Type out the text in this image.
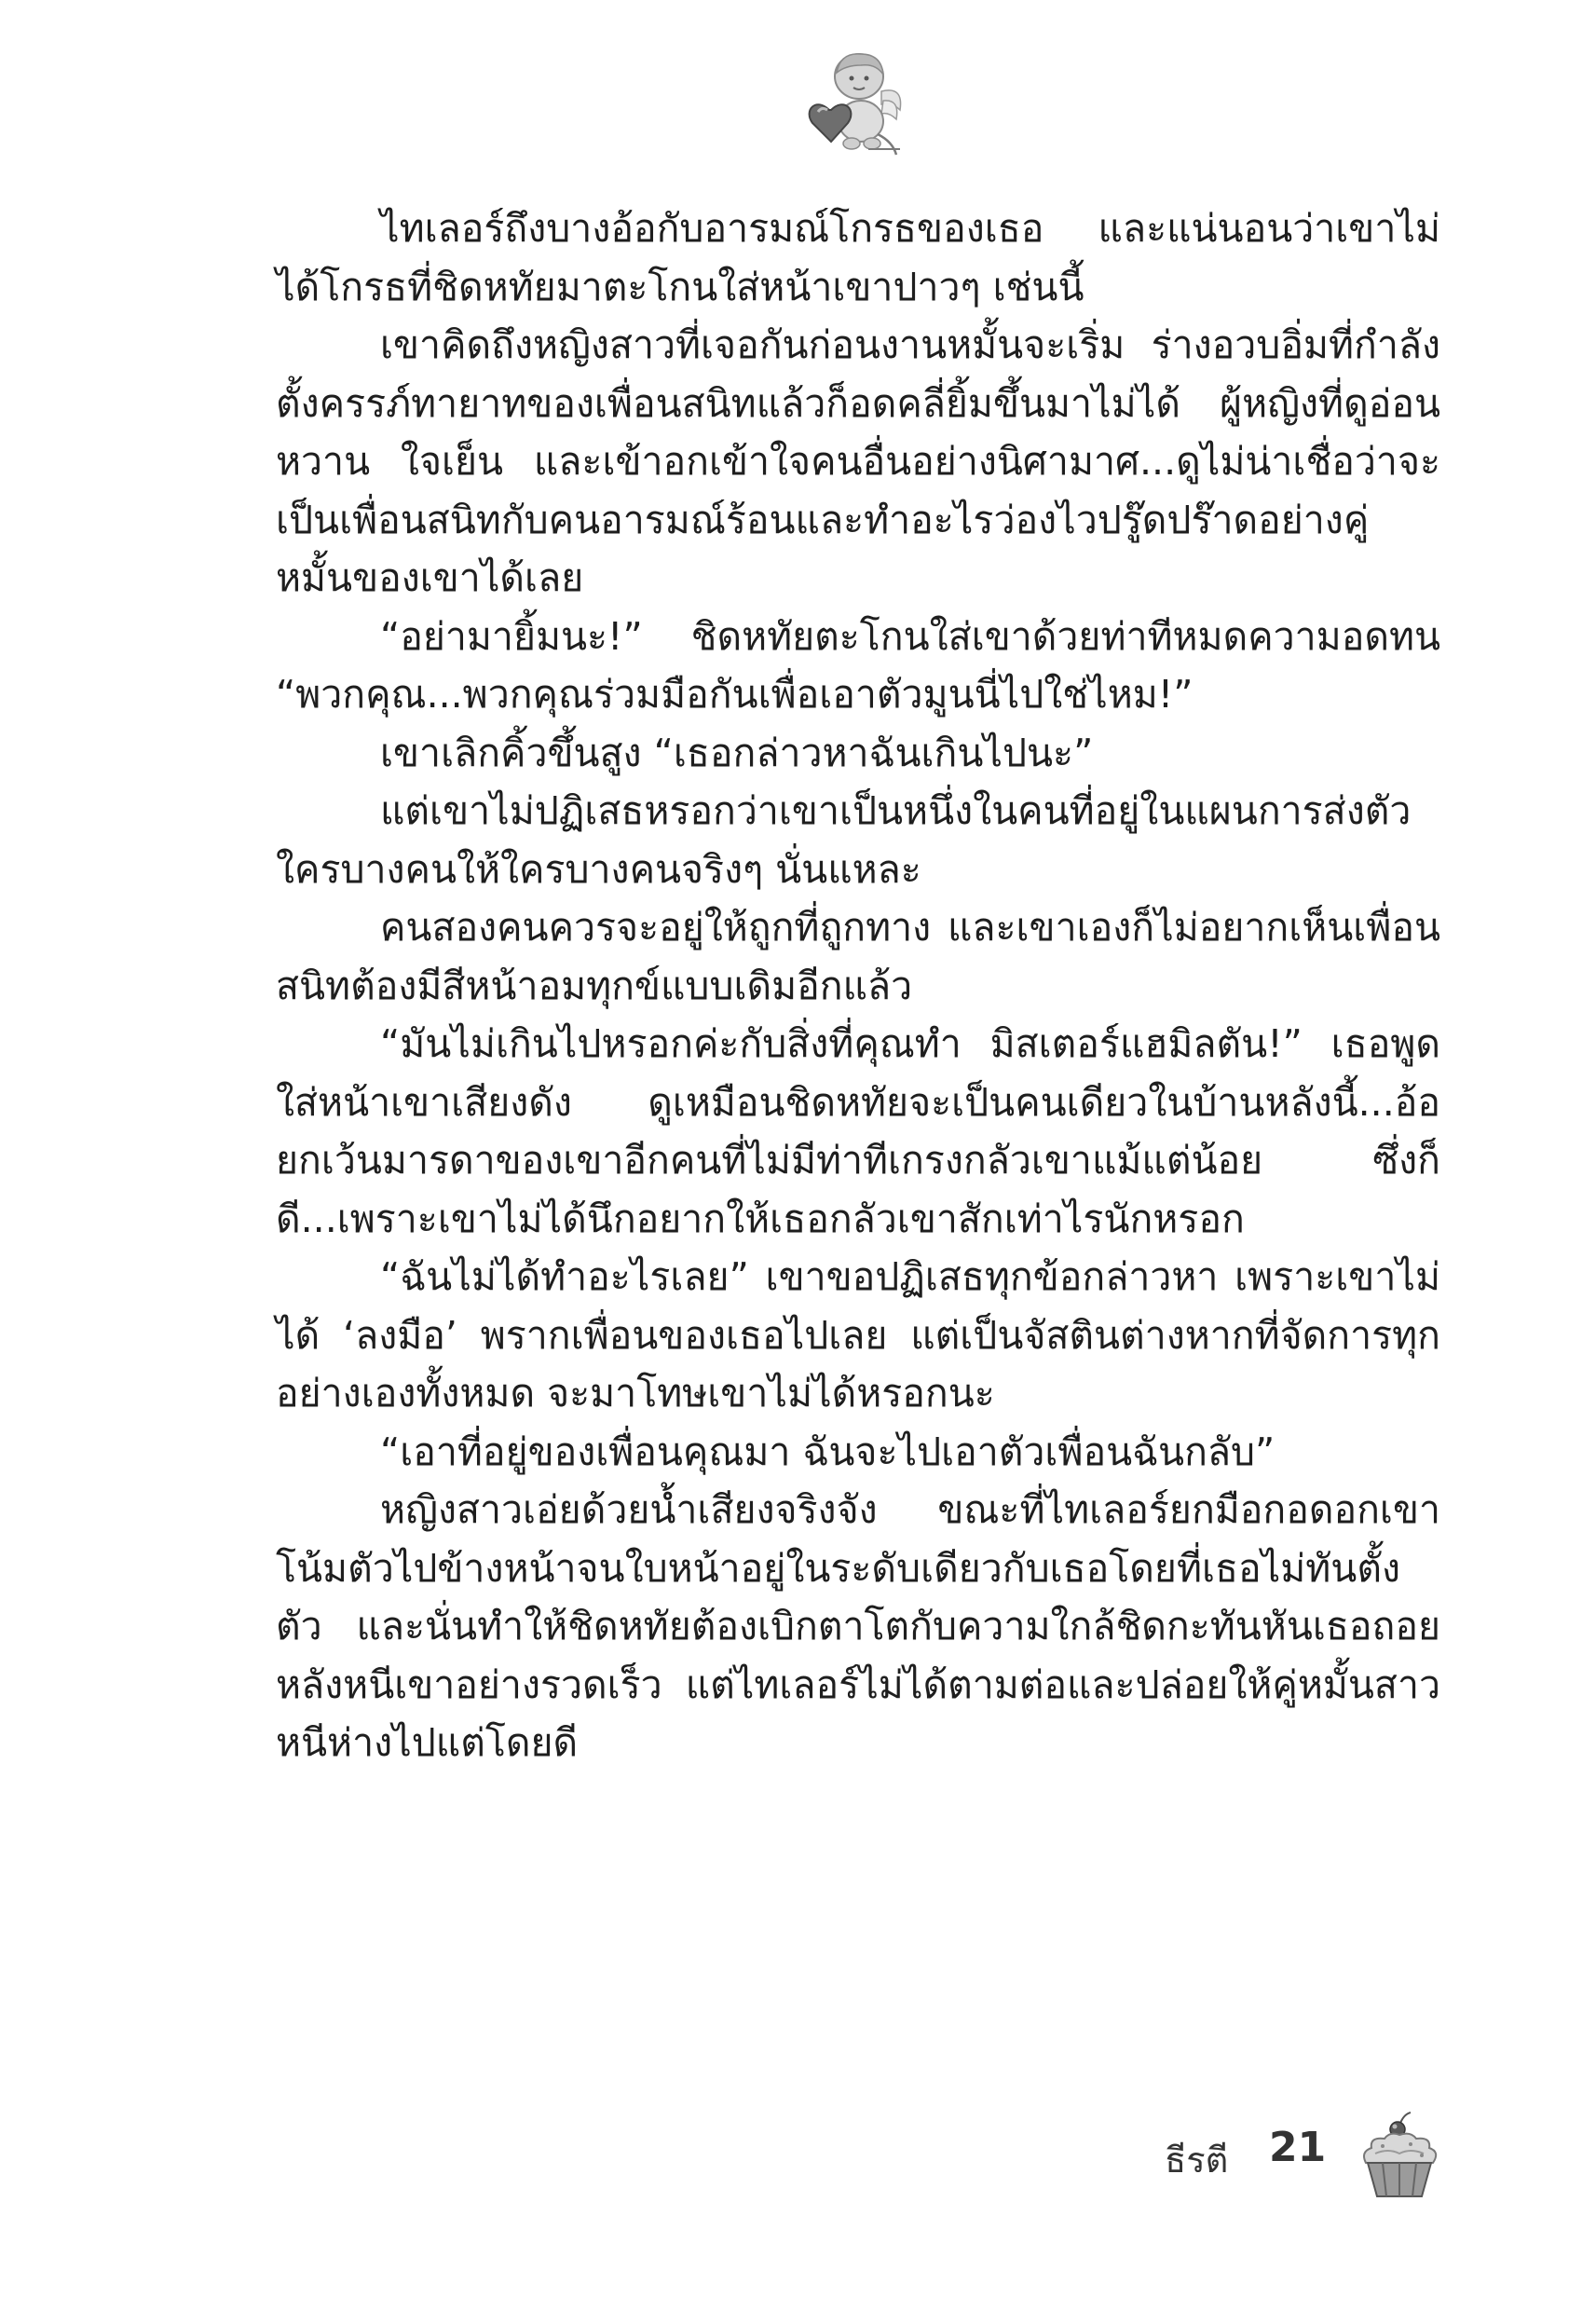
ไทเลอร์ถึงบางอ้อกับอารมณ์โกรธของเธอ และแน่นอนว่าเขาไม่ได้โกรธที่ชิดหทัยมาตะโกนใส่หน้าเขาปาวๆ เช่นนี้

เขาคิดถึงหญิงสาวที่เจอกันก่อนงานหมั้นจะเริ่ม ร่างอวบอิ่มที่กำลังตั้งครรภ์ทายาทของเพื่อนสนิทแล้วก็อดคลี่ยิ้มขึ้นมาไม่ได้ ผู้หญิงที่ดูอ่อนหวาน ใจเย็น และเข้าอกเข้าใจคนอื่นอย่างนิศามาศ...ดูไม่น่าเชื่อว่าจะเป็นเพื่อนสนิทกับคนอารมณ์ร้อนและทำอะไรว่องไวปรู๊ดปร๊าดอย่างคู่หมั้นของเขาได้เลย

“อย่ามายิ้มนะ!” ชิดหทัยตะโกนใส่เขาด้วยท่าทีหมดความอดทน “พวกคุณ...พวกคุณร่วมมือกันเพื่อเอาตัวมูนนี่ไปใช่ไหม!”

เขาเลิกคิ้วขึ้นสูง “เธอกล่าวหาฉันเกินไปนะ”

แต่เขาไม่ปฏิเสธหรอกว่าเขาเป็นหนึ่งในคนที่อยู่ในแผนการส่งตัวใครบางคนให้ใครบางคนจริงๆ นั่นแหละ

คนสองคนควรจะอยู่ให้ถูกที่ถูกทาง และเขาเองก็ไม่อยากเห็นเพื่อนสนิทต้องมีสีหน้าอมทุกข์แบบเดิมอีกแล้ว

“มันไม่เกินไปหรอกค่ะกับสิ่งที่คุณทำ มิสเตอร์แฮมิลตัน!” เธอพูดใส่หน้าเขาเสียงดัง ดูเหมือนชิดหทัยจะเป็นคนเดียวในบ้านหลังนี้...อ้อ ยกเว้นมารดาของเขาอีกคนที่ไม่มีท่าทีเกรงกลัวเขาแม้แต่น้อย ซึ่งก็ดี...เพราะเขาไม่ได้นึกอยากให้เธอกลัวเขาสักเท่าไรนักหรอก

“ฉันไม่ได้ทำอะไรเลย” เขาขอปฏิเสธทุกข้อกล่าวหา เพราะเขาไม่ได้ ‘ลงมือ’ พรากเพื่อนของเธอไปเลย แต่เป็นจัสตินต่างหากที่จัดการทุกอย่างเองทั้งหมด จะมาโทษเขาไม่ได้หรอกนะ

“เอาที่อยู่ของเพื่อนคุณมา ฉันจะไปเอาตัวเพื่อนฉันกลับ”

หญิงสาวเอ่ยด้วยน้ำเสียงจริงจัง ขณะที่ไทเลอร์ยกมือกอดอกเขาโน้มตัวไปข้างหน้าจนใบหน้าอยู่ในระดับเดียวกับเธอโดยที่เธอไม่ทันตั้งตัว และนั่นทำให้ชิดหทัยต้องเบิกตาโตกับความใกล้ชิดกะทันหันเธอถอยหลังหนีเขาอย่างรวดเร็ว แต่ไทเลอร์ไม่ได้ตามต่อและปล่อยให้คู่หมั้นสาวหนีห่างไปแต่โดยดี

ธีรตี 21
